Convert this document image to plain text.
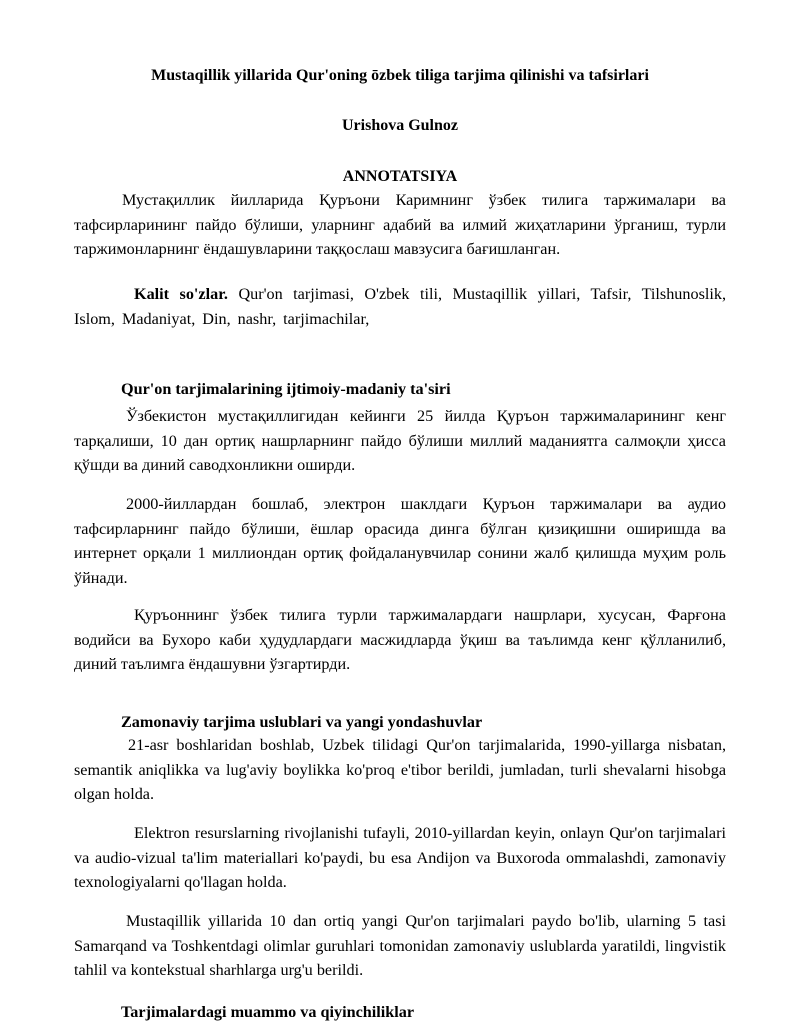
Mustaqillik yillarida Qur'oning ōzbek tiliga tarjima qilinishi va tafsirlari
Urishova Gulnoz
ANNOTATSIYA

Мустақиллик йилларида Қуръони Каримнинг ўзбек тилига таржималари ва тафсирларининг пайдо бўлиши, уларнинг адабий ва илмий жиҳатларини ўрганиш, турли таржимонларнинг ёндашувларини таққослаш мавзусига бағишланган.

Kalit so'zlar. Qur'on tarjimasi, O'zbek tili, Mustaqillik yillari, Tafsir, Tilshunoslik, Islom, Madaniyat, Din, nashr, tarjimachilar,

Qur'on tarjimalarining ijtimoiy-madaniy ta'siri

Ўзбекистон мустақиллигидан кейинги 25 йилда Қуръон таржималарининг кенг тарқалиши, 10 дан ортиқ нашрларнинг пайдо бўлиши миллий маданиятга салмоқли ҳисса қўшди ва диний саводхонликни оширди.

2000-йиллардан бошлаб, электрон шаклдаги Қуръон таржималари ва аудио тафсирларнинг пайдо бўлиши, ёшлар орасида динга бўлган қизиқишни оширишда ва интернет орқали 1 миллиондан ортиқ фойдаланувчилар сонини жалб қилишда муҳим роль ўйнади.

Қуръоннинг ўзбек тилига турли таржималардаги нашрлари, хусусан, Фарғона водийси ва Бухоро каби ҳудудлардаги масжидларда ўқиш ва таълимда кенг қўлланилиб, диний таълимга ёндашувни ўзгартирди.

Zamonaviy tarjima uslublari va yangi yondashuvlar

21-asr boshlaridan boshlab, Uzbek tilidagi Qur'on tarjimalarida, 1990-yillarga nisbatan, semantik aniqlikka va lug'aviy boylikka ko'proq e'tibor berildi, jumladan, turli shevalarni hisobga olgan holda.

Elektron resurslarning rivojlanishi tufayli, 2010-yillardan keyin, onlayn Qur'on tarjimalari va audio-vizual ta'lim materiallari ko'paydi, bu esa Andijon va Buxoroda ommalashdi, zamonaviy texnologiyalarni qo'llagan holda.

Mustaqillik yillarida 10 dan ortiq yangi Qur'on tarjimalari paydo bo'lib, ularning 5 tasi Samarqand va Toshkentdagi olimlar guruhlari tomonidan zamonaviy uslublarda yaratildi, lingvistik tahlil va kontekstual sharhlarga urg'u berildi.

Tarjimalardagi muammo va qiyinchiliklar
